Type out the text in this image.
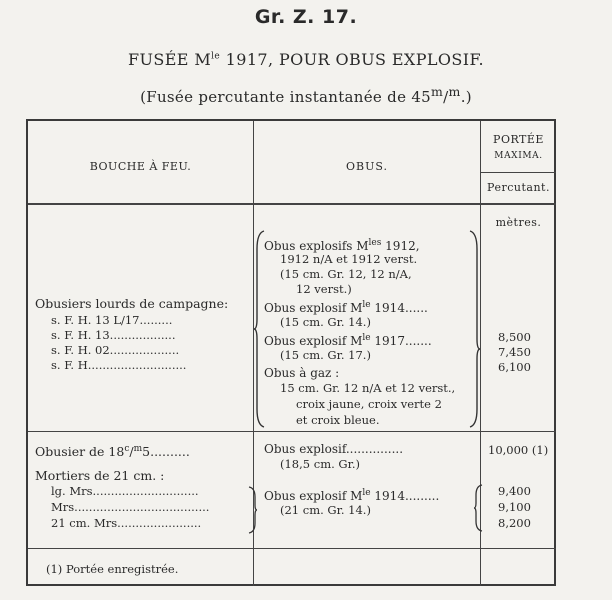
Gr. Z. 17.
FUSÉE $M^{le}$ 1917, POUR OBUS EXPLOSIF.
(Fusée percutante instantanée de 45$^m$/$^m$.)
BOUCHE À FEU.	OBUS.
PORTÉE
MAXIMA.
Percutant.
mètres.
Obusiers lourds de campagne:
s. F. H. 13 L/17.........
s. F. H. 13..................
s. F. H. 02...................
s. F. H...........................
Obus explosifs $M^{les}$ 1912,
1912 n/A et 1912 verst.
(15 cm. Gr. 12, 12 n/A,
12 verst.)
Obus explosif $M^{le}$ 1914......
(15 cm. Gr. 14.)
Obus explosif $M^{le}$ 1917.......
(15 cm. Gr. 17.)
Obus à gaz :
15 cm. Gr. 12 n/A et 12 verst.,
croix jaune, croix verte 2
et croix bleue.
8,500
7,450
6,100
Obusier de 18$^c$/$^m$5..........	Obus explosif...............
(18,5 cm. Gr.)
10,000 (1)
Mortiers de 21 cm. :
lg. Mrs.............................
Mrs.....................................
21 cm. Mrs.......................
Obus explosif $M^{le}$ 1914.........
(21 cm. Gr. 14.)
9,400
9,100
8,200
(1) Portée enregistrée.
